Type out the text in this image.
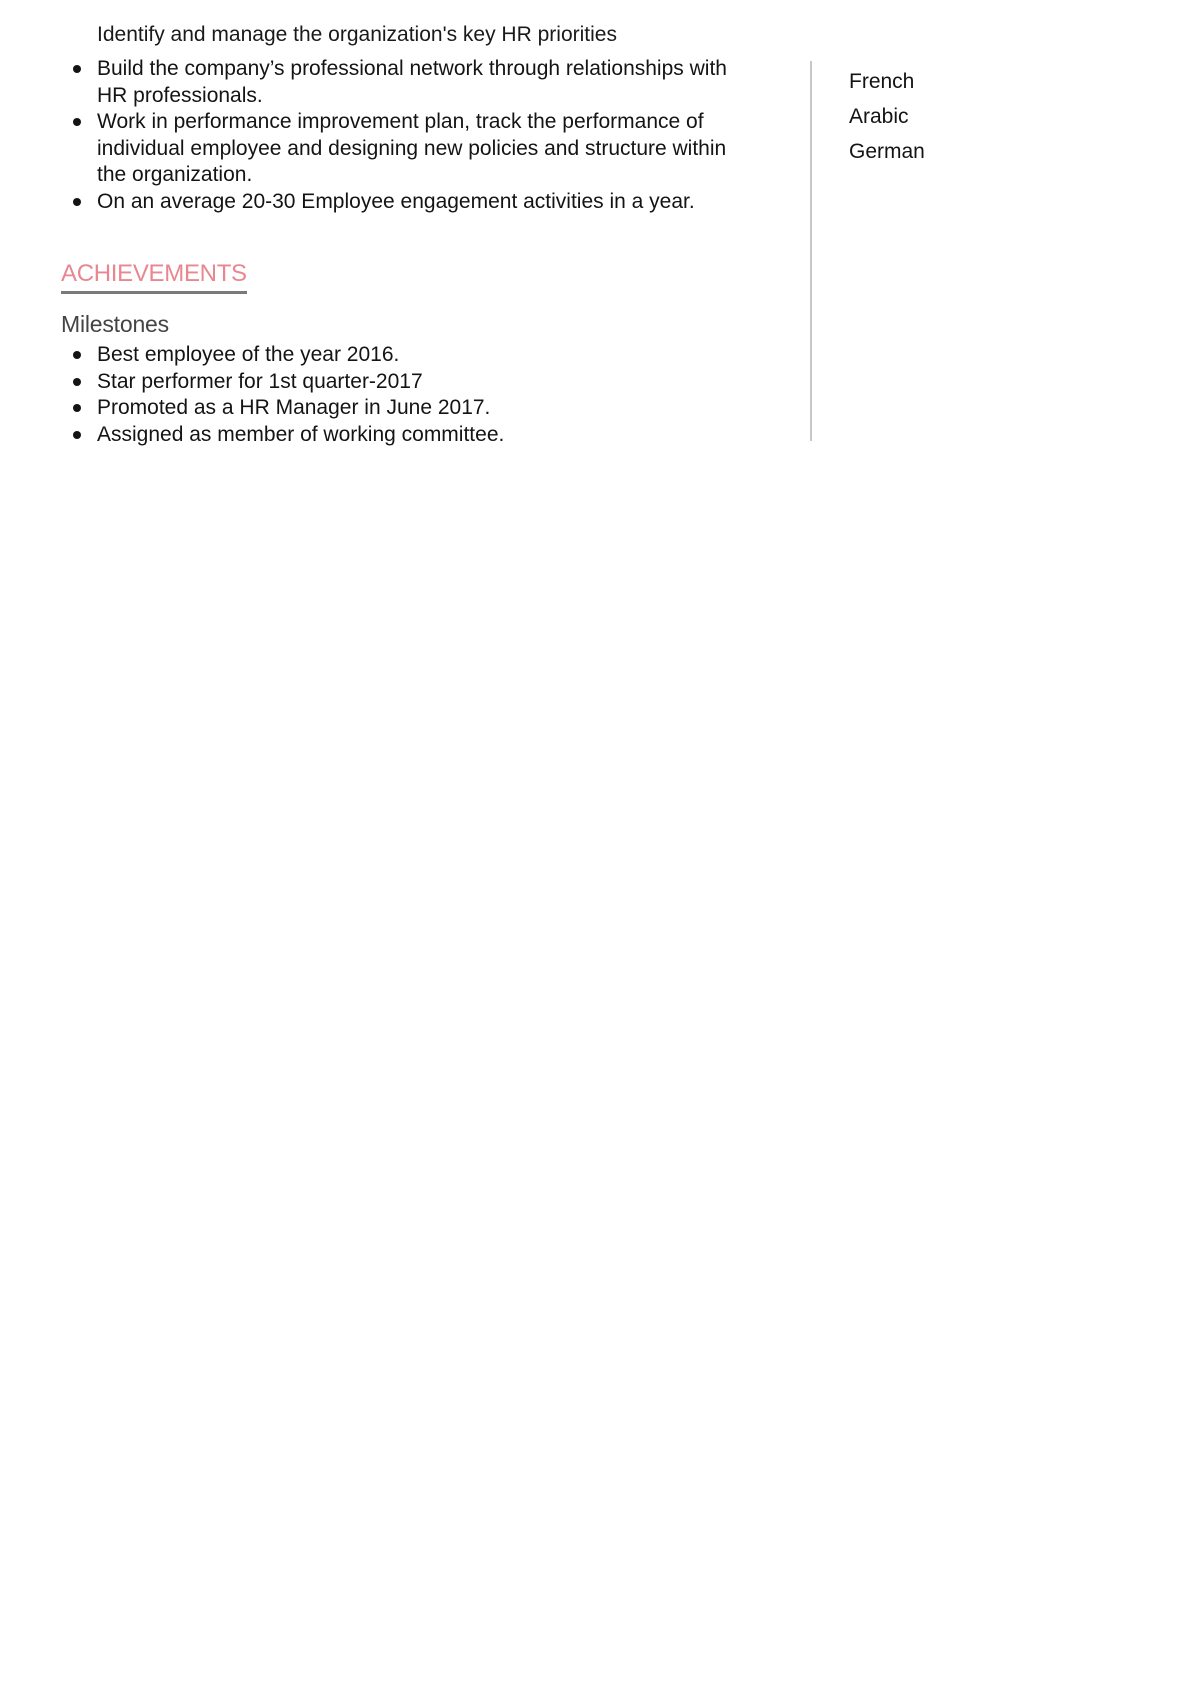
Identify and manage the organization's key HR priorities
Build the company’s professional network through relationships with HR professionals.
Work in performance improvement plan, track the performance of individual employee and designing new policies and structure within the organization.
On an average 20-30 Employee engagement activities in a year.
ACHIEVEMENTS
Milestones
Best employee of the year 2016.
Star performer for 1st quarter-2017
Promoted as a HR Manager in June 2017.
Assigned as member of working committee.
French
Arabic
German
